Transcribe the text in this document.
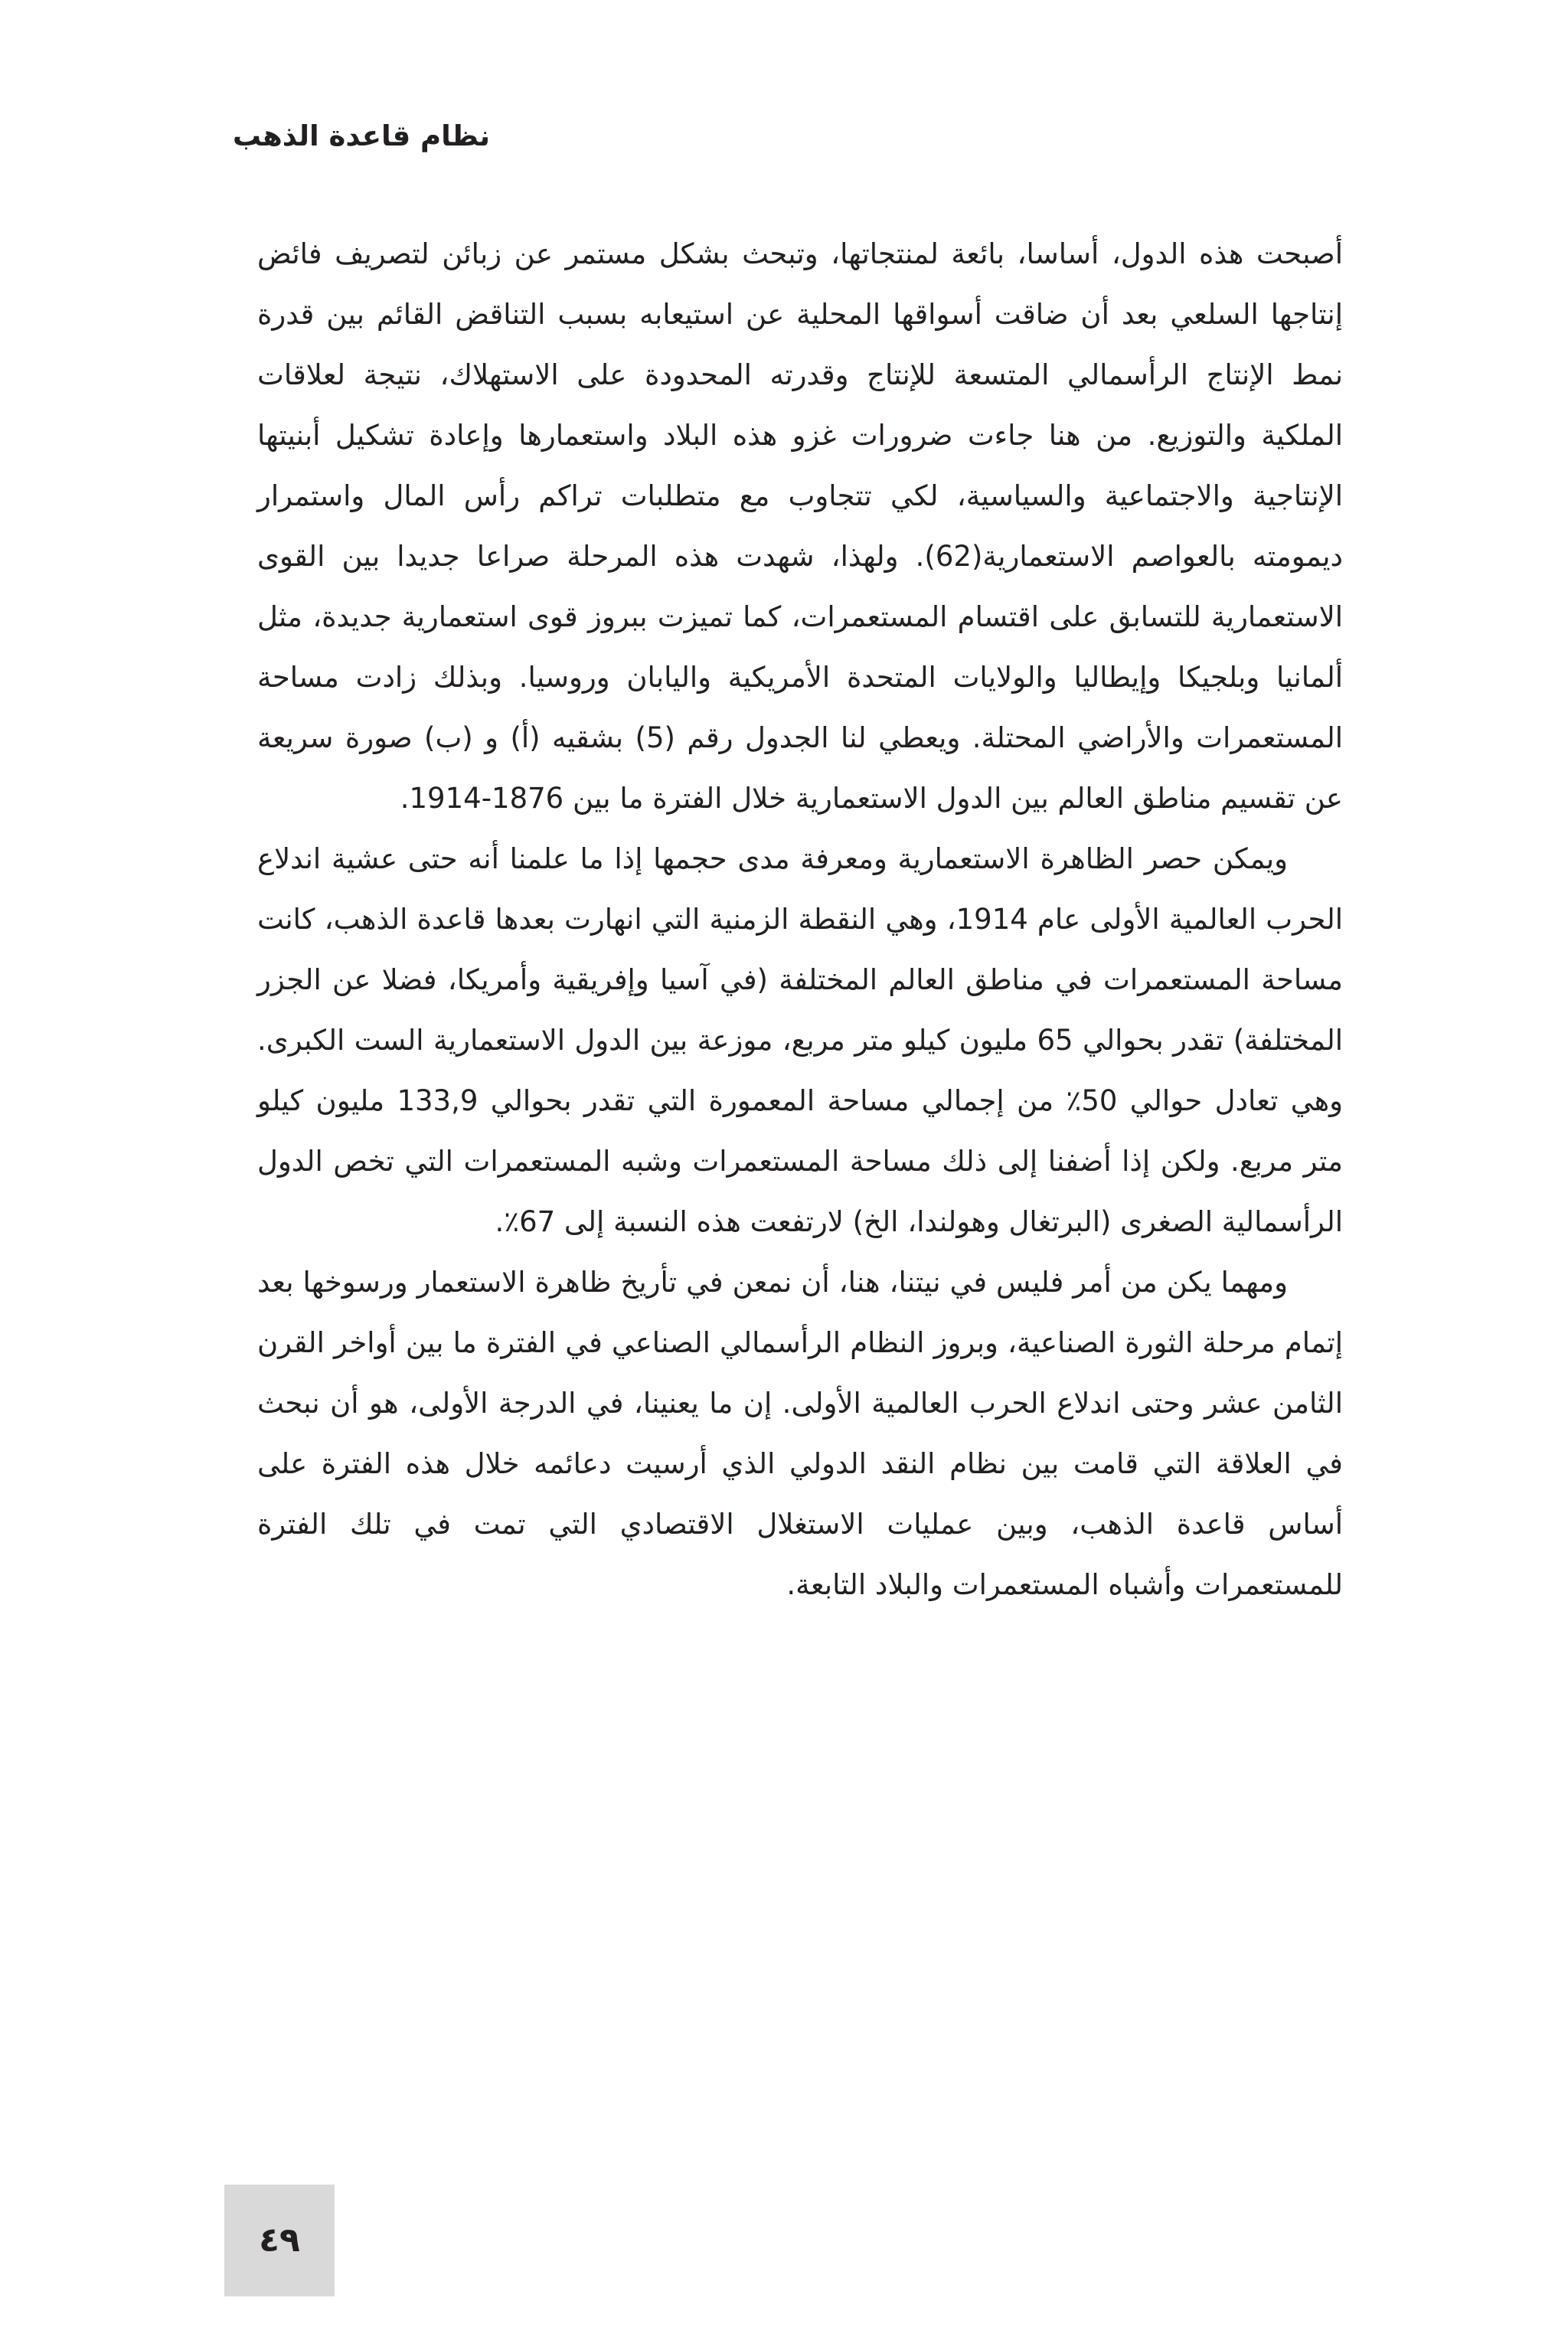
نظام قاعدة الذهب

أصبحت هذه الدول، أساسا، بائعة لمنتجاتها، وتبحث بشكل مستمر عن زبائن لتصريف فائض إنتاجها السلعي بعد أن ضاقت أسواقها المحلية عن استيعابه بسبب التناقض القائم بين قدرة نمط الإنتاج الرأسمالي المتسعة للإنتاج وقدرته المحدودة على الاستهلاك، نتيجة لعلاقات الملكية والتوزيع. من هنا جاءت ضرورات غزو هذه البلاد واستعمارها وإعادة تشكيل أبنيتها الإنتاجية والاجتماعية والسياسية، لكي تتجاوب مع متطلبات تراكم رأس المال واستمرار ديمومته بالعواصم الاستعمارية(62). ولهذا، شهدت هذه المرحلة صراعا جديدا بين القوى الاستعمارية للتسابق على اقتسام المستعمرات، كما تميزت ببروز قوى استعمارية جديدة، مثل ألمانيا وبلجيكا وإيطاليا والولايات المتحدة الأمريكية واليابان وروسيا. وبذلك زادت مساحة المستعمرات والأراضي المحتلة. ويعطي لنا الجدول رقم (5) بشقيه (أ) و (ب) صورة سريعة عن تقسيم مناطق العالم بين الدول الاستعمارية خلال الفترة ما بين 1876-1914.

ويمكن حصر الظاهرة الاستعمارية ومعرفة مدى حجمها إذا ما علمنا أنه حتى عشية اندلاع الحرب العالمية الأولى عام 1914، وهي النقطة الزمنية التي انهارت بعدها قاعدة الذهب، كانت مساحة المستعمرات في مناطق العالم المختلفة (في آسيا وإفريقية وأمريكا، فضلا عن الجزر المختلفة) تقدر بحوالي 65 مليون كيلو متر مربع، موزعة بين الدول الاستعمارية الست الكبرى. وهي تعادل حوالي 50٪ من إجمالي مساحة المعمورة التي تقدر بحوالي 133,9 مليون كيلو متر مربع. ولكن إذا أضفنا إلى ذلك مساحة المستعمرات وشبه المستعمرات التي تخص الدول الرأسمالية الصغرى (البرتغال وهولندا، الخ) لارتفعت هذه النسبة إلى 67٪.

ومهما يكن من أمر فليس في نيتنا، هنا، أن نمعن في تأريخ ظاهرة الاستعمار ورسوخها بعد إتمام مرحلة الثورة الصناعية، وبروز النظام الرأسمالي الصناعي في الفترة ما بين أواخر القرن الثامن عشر وحتى اندلاع الحرب العالمية الأولى. إن ما يعنينا، في الدرجة الأولى، هو أن نبحث في العلاقة التي قامت بين نظام النقد الدولي الذي أرسيت دعائمه خلال هذه الفترة على أساس قاعدة الذهب، وبين عمليات الاستغلال الاقتصادي التي تمت في تلك الفترة للمستعمرات وأشباه المستعمرات والبلاد التابعة.

٤٩
